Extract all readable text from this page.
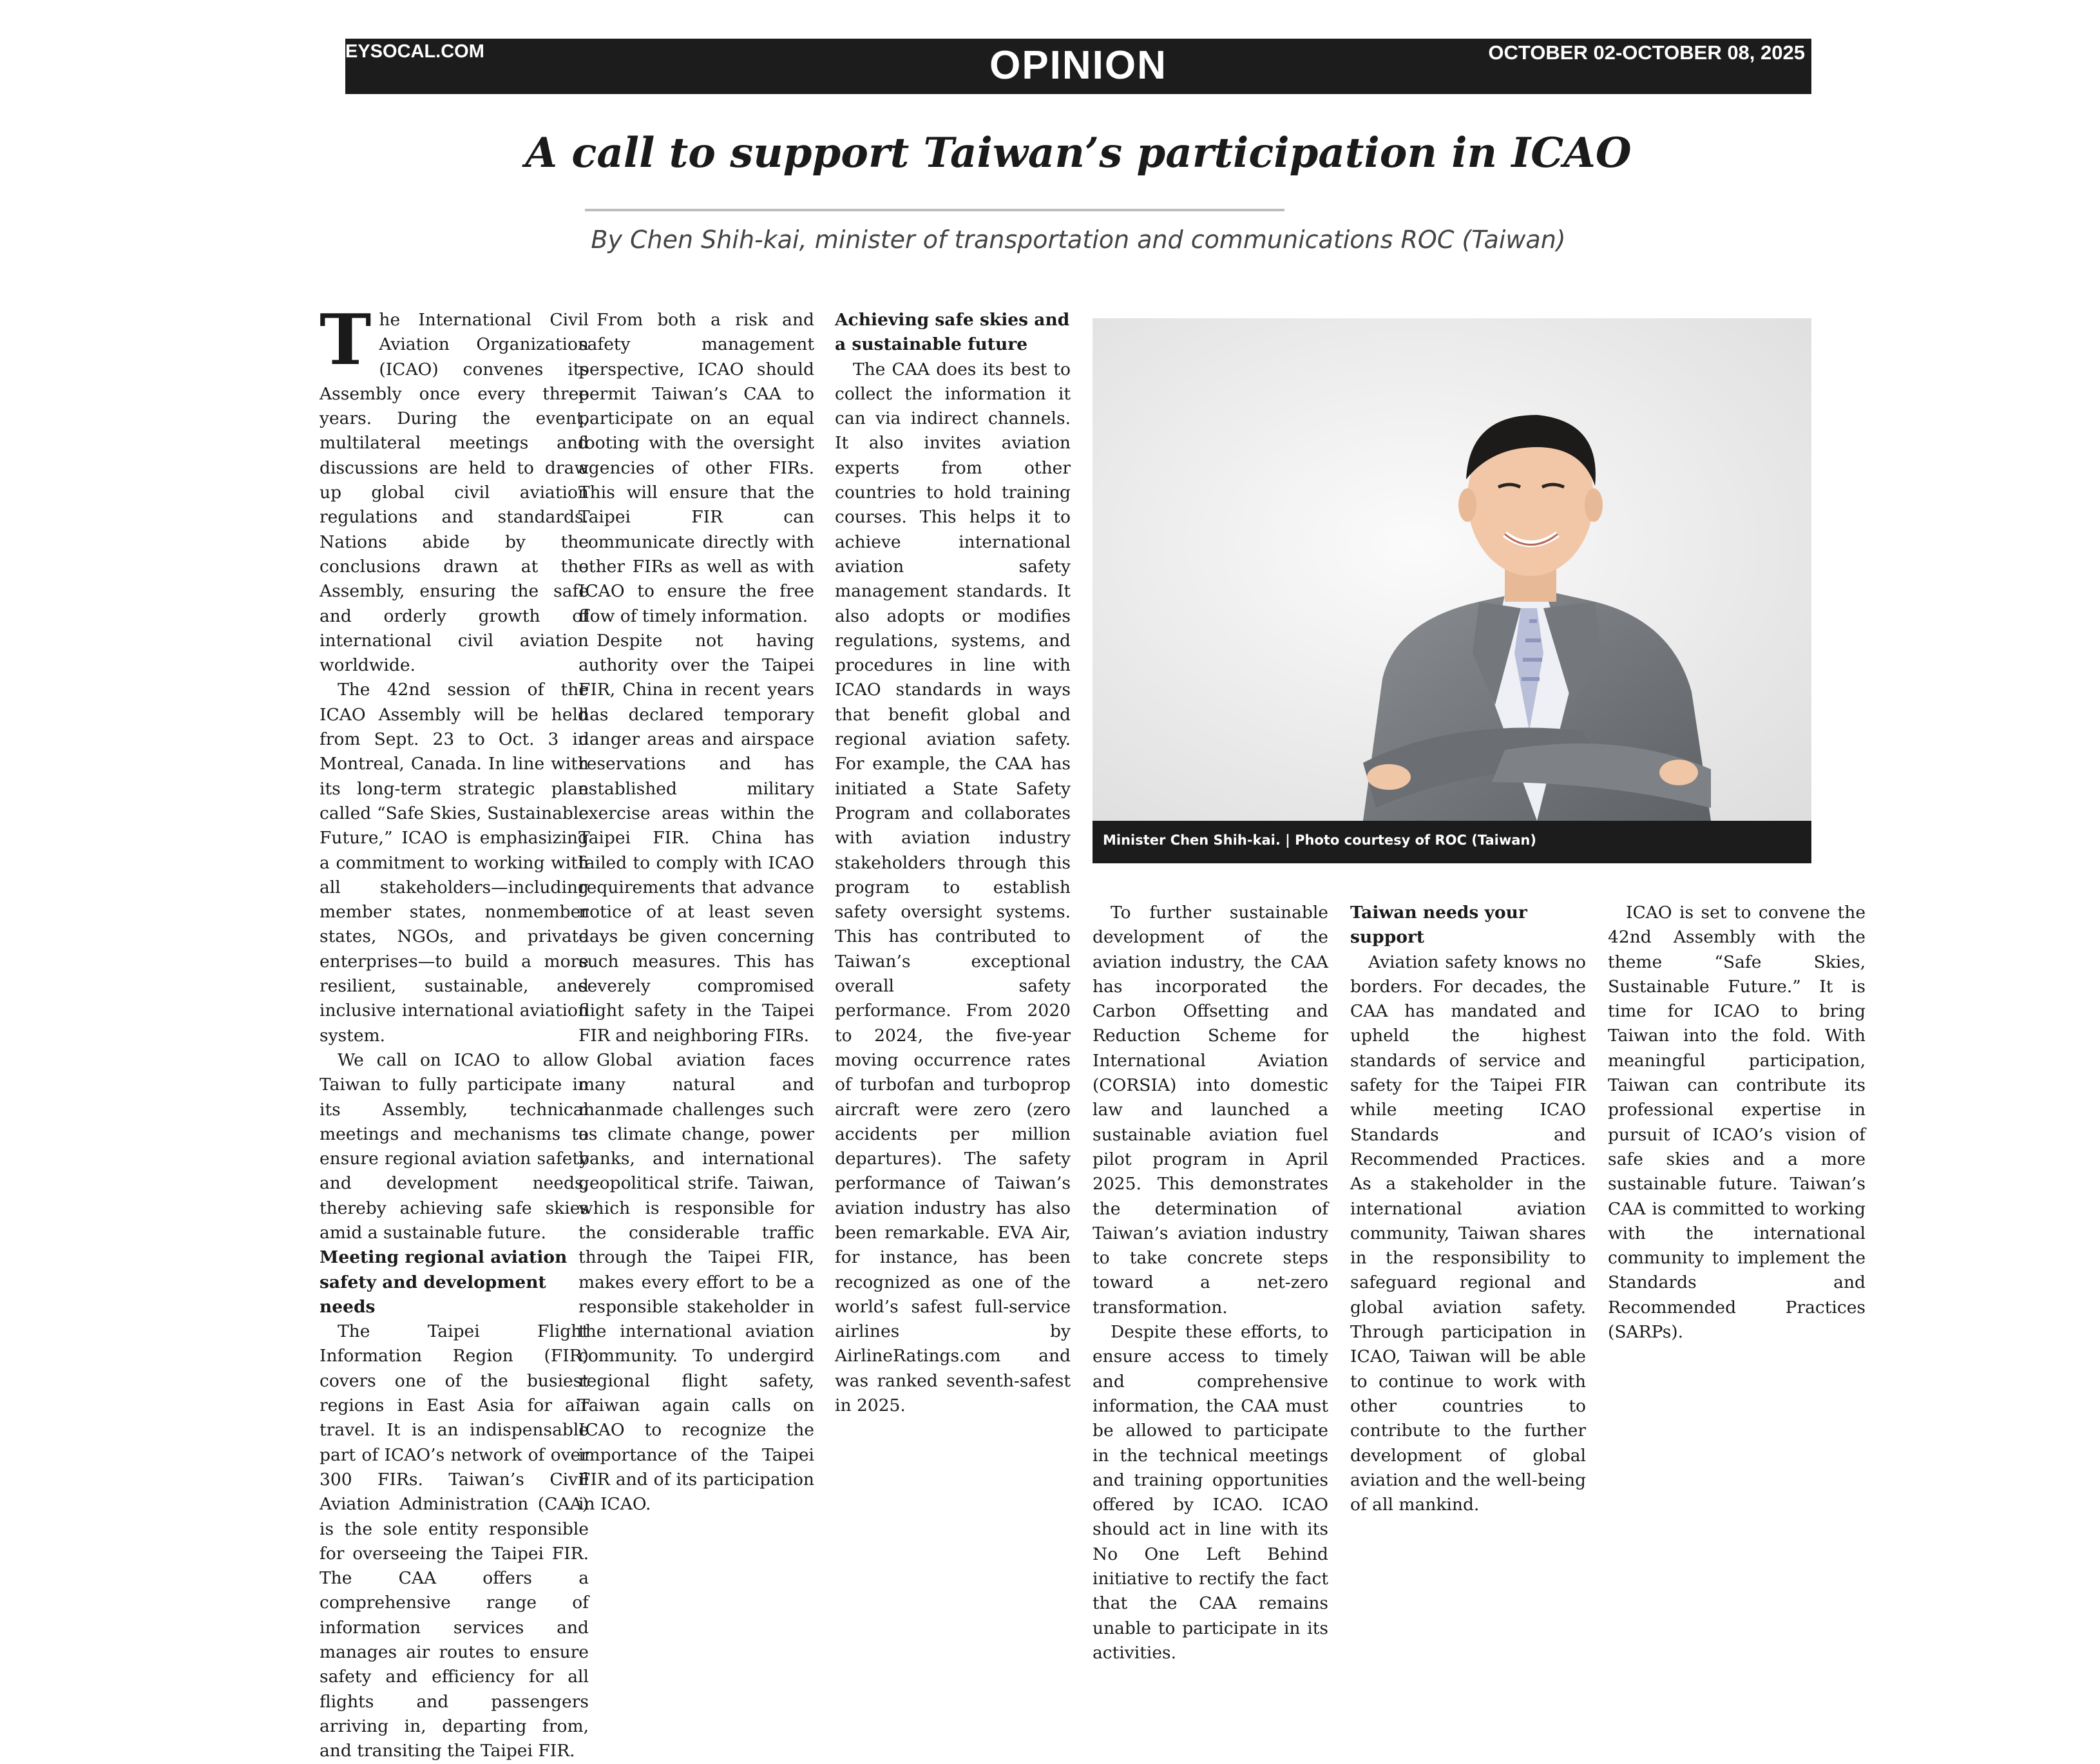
EYSOCAL.COM	OPINION	OCTOBER 02-OCTOBER 08, 2025
A call to support Taiwan’s participation in ICAO
By Chen Shih-kai, minister of transportation and communications ROC (Taiwan)

The International Civil Aviation Organization (ICAO) convenes its Assembly once every three years. During the event, multilateral meetings and discussions are held to draw up global civil aviation regulations and standards. Nations abide by the conclusions drawn at the Assembly, ensuring the safe and orderly growth of international civil aviation worldwide.

The 42nd session of the ICAO Assembly will be held from Sept. 23 to Oct. 3 in Montreal, Canada. In line with its long-term strategic plan called “Safe Skies, Sustainable Future,” ICAO is emphasizing a commitment to working with all stakeholders—including member states, nonmember states, NGOs, and private enterprises—to build a more resilient, sustainable, and inclusive international aviation system.

We call on ICAO to allow Taiwan to fully participate in its Assembly, technical meetings and mechanisms to ensure regional aviation safety and development needs, thereby achieving safe skies amid a sustainable future.

Meeting regional aviation safety and development needs

The Taipei Flight Information Region (FIR) covers one of the busiest regions in East Asia for air travel. It is an indispensable part of ICAO’s network of over 300 FIRs. Taiwan’s Civil Aviation Administration (CAA) is the sole entity responsible for overseeing the Taipei FIR. The CAA offers a comprehensive range of information services and manages air routes to ensure safety and efficiency for all flights and passengers arriving in, departing from, and transiting the Taipei FIR.

From both a risk and safety management perspective, ICAO should permit Taiwan’s CAA to participate on an equal footing with the oversight agencies of other FIRs. This will ensure that the Taipei FIR can communicate directly with other FIRs as well as with ICAO to ensure the free flow of timely information.

Despite not having authority over the Taipei FIR, China in recent years has declared temporary danger areas and airspace reservations and has established military exercise areas within the Taipei FIR. China has failed to comply with ICAO requirements that advance notice of at least seven days be given concerning such measures. This has severely compromised flight safety in the Taipei FIR and neighboring FIRs.

Global aviation faces many natural and manmade challenges such as climate change, power banks, and international geopolitical strife. Taiwan, which is responsible for the considerable traffic through the Taipei FIR, makes every effort to be a responsible stakeholder in the international aviation community. To undergird regional flight safety, Taiwan again calls on ICAO to recognize the importance of the Taipei FIR and of its participation in ICAO.

Achieving safe skies and a sustainable future

The CAA does its best to collect the information it can via indirect channels. It also invites aviation experts from other countries to hold training courses. This helps it to achieve international aviation safety management standards. It also adopts or modifies regulations, systems, and procedures in line with ICAO standards in ways that benefit global and regional aviation safety. For example, the CAA has initiated a State Safety Program and collaborates with aviation industry stakeholders through this program to establish safety oversight systems. This has contributed to Taiwan’s exceptional overall safety performance. From 2020 to 2024, the five-year moving occurrence rates of turbofan and turboprop aircraft were zero (zero accidents per million departures). The safety performance of Taiwan’s aviation industry has also been remarkable. EVA Air, for instance, has been recognized as one of the world’s safest full-service airlines by AirlineRatings.com and was ranked seventh-safest in 2025.

Minister Chen Shih-kai. | Photo courtesy of ROC (Taiwan)

To further sustainable development of the aviation industry, the CAA has incorporated the Carbon Offsetting and Reduction Scheme for International Aviation (CORSIA) into domestic law and launched a sustainable aviation fuel pilot program in April 2025. This demonstrates the determination of Taiwan’s aviation industry to take concrete steps toward a net-zero transformation.

Despite these efforts, to ensure access to timely and comprehensive information, the CAA must be allowed to participate in the technical meetings and training opportunities offered by ICAO. ICAO should act in line with its No One Left Behind initiative to rectify the fact that the CAA remains unable to participate in its activities.

Taiwan needs your support

Aviation safety knows no borders. For decades, the CAA has mandated and upheld the highest standards of service and safety for the Taipei FIR while meeting ICAO Standards and Recommended Practices. As a stakeholder in the international aviation community, Taiwan shares in the responsibility to safeguard regional and global aviation safety. Through participation in ICAO, Taiwan will be able to continue to work with other countries to contribute to the further development of global aviation and the well-being of all mankind.

ICAO is set to convene the 42nd Assembly with the theme “Safe Skies, Sustainable Future.” It is time for ICAO to bring Taiwan into the fold. With meaningful participation, Taiwan can contribute its professional expertise in pursuit of ICAO’s vision of safe skies and a more sustainable future. Taiwan’s CAA is committed to working with the international community to implement the Standards and Recommended Practices (SARPs).
